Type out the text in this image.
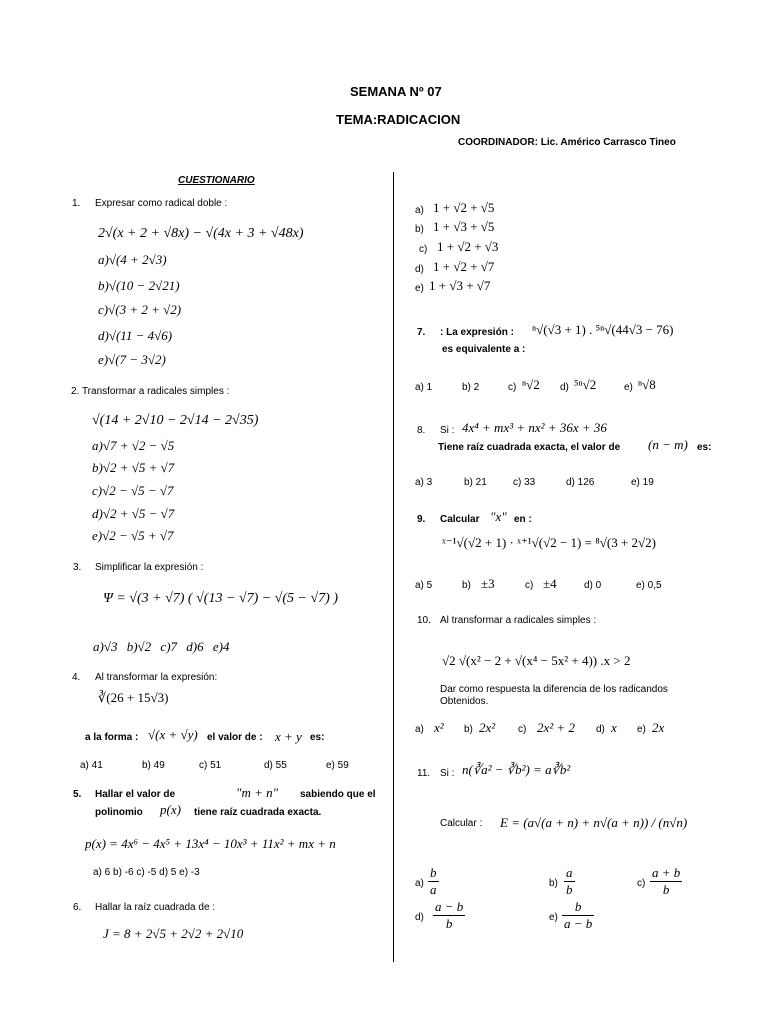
SEMANA Nº 07
TEMA:RADICACION
COORDINADOR: Lic. Américo Carrasco Tineo
CUESTIONARIO
1. Expresar como radical doble :
2√(x + 2 + √8x) − √(4x + 3 + √48x)
a)√(4 + 2√3)
b)√(10 − 2√21)
c)√(3 + 2 + √2)
d)√(11 − 4√6)
e)√(7 − 3√2)
2. Transformar a radicales simples :
√(14 + 2√10 − 2√14 − 2√35)
a)√7 + √2 − √5
b)√2 + √5 + √7
c)√2 − √5 − √7
d)√2 + √5 − √7
e)√2 − √5 + √7
3. Simplificar la expresión :
Ψ = √(3 + √7) ( √(13 − √7) − √(5 − √7) )
a)√3 b)√2 c)7 d)6 e)4
4. Al transformar la expresión:
∛(26 + 15√3)
a la forma : √(x + √y) el valor de : x + y es:
a) 41	b) 49	c) 51	d) 55	e) 59
5. Hallar el valor de	"m + n" sabiendo que el
polinomio p(x) tiene raíz cuadrada exacta.
p(x) = 4x⁶ − 4x⁵ + 13x⁴ − 10x³ + 11x² + mx + n
a) 6 b) -6 c) -5 d) 5 e) -3
6. Hallar la raíz cuadrada de :
J = 8 + 2√5 + 2√2 + 2√10
a) 1 + √2 + √5
b) 1 + √3 + √5
c) 1 + √2 + √3
d) 1 + √2 + √7
e) 1 + √3 + √7
7. : La expresión : ⁿ√(√3 + 1) . ⁵ⁿ√(44√3 − 76)
es equivalente a :
a) 1	b) 2	c) ⁿ√2 d) ⁵ⁿ√2	e) ⁿ√8
8. Si : 4x⁴ + mx³ + nx² + 36x + 36
Tiene raíz cuadrada exacta, el valor de (n − m) es:
a) 3	b) 21	c) 33	d) 126	e) 19
9. Calcular "x" en :
ˣ⁻¹√(√2 + 1) · ˣ⁺¹√(√2 − 1) = ⁸√(3 + 2√2)
a) 5	b) ±3	c) ±4	d) 0	e) 0,5
10. Al transformar a radicales simples :
√2 √(x² − 2 + √(x⁴ − 5x² + 4)) .x > 2
Dar como respuesta la diferencia de los radicandos Obtenidos.
a) x² b) 2x² c) 2x² + 2 d) x e) 2x
11. Si : n(∛a² − ∛b²) = a∛b²
Calcular : E = (a√(a + n) + n√(a + n)) / (n√n)
$a) \frac{b}{a}$	$b) \frac{a}{b}$	$c) \frac{a + b}{b}$
$d) \frac{a - b}{b}$	$e) \frac{b}{a - b}$
